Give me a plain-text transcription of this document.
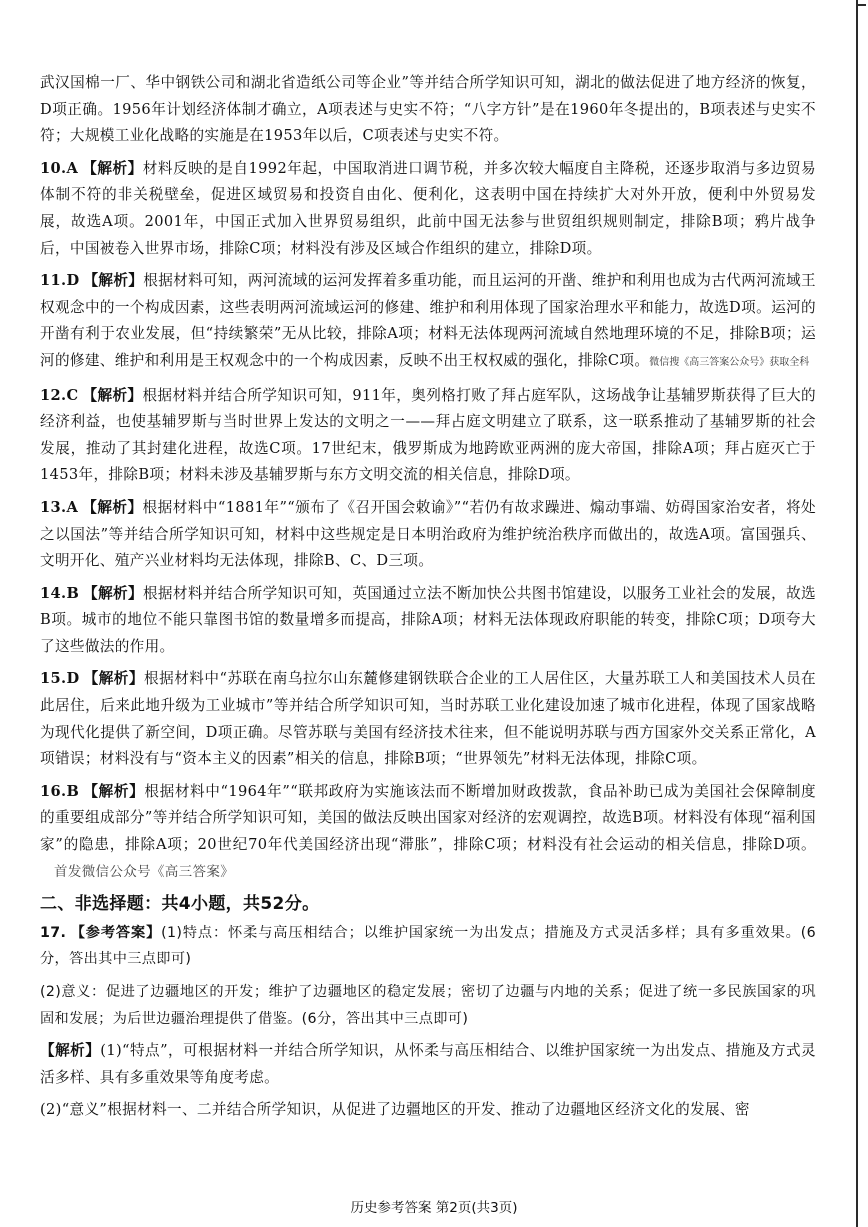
武汉国棉一厂、华中钢铁公司和湖北省造纸公司等企业”等并结合所学知识可知，湖北的做法促进了地方经济的恢复，D项正确。1956年计划经济体制才确立，A项表述与史实不符；“八字方针”是在1960年冬提出的，B项表述与史实不符；大规模工业化战略的实施是在1953年以后，C项表述与史实不符。

10.A 【解析】材料反映的是自1992年起，中国取消进口调节税，并多次较大幅度自主降税，还逐步取消与多边贸易体制不符的非关税壁垒，促进区域贸易和投资自由化、便利化，这表明中国在持续扩大对外开放，便利中外贸易发展，故选A项。2001年，中国正式加入世界贸易组织，此前中国无法参与世贸组织规则制定，排除B项；鸦片战争后，中国被卷入世界市场，排除C项；材料没有涉及区域合作组织的建立，排除D项。

11.D 【解析】根据材料可知，两河流域的运河发挥着多重功能，而且运河的开凿、维护和利用也成为古代两河流域王权观念中的一个构成因素，这些表明两河流域运河的修建、维护和利用体现了国家治理水平和能力，故选D项。运河的开凿有利于农业发展，但“持续繁荣”无从比较，排除A项；材料无法体现两河流域自然地理环境的不足，排除B项；运河的修建、维护和利用是王权观念中的一个构成因素，反映不出王权权威的强化，排除C项。微信搜《高三答案公众号》获取全科

12.C 【解析】根据材料并结合所学知识可知，911年，奥列格打败了拜占庭军队，这场战争让基辅罗斯获得了巨大的经济利益，也使基辅罗斯与当时世界上发达的文明之一——拜占庭文明建立了联系，这一联系推动了基辅罗斯的社会发展，推动了其封建化进程，故选C项。17世纪末，俄罗斯成为地跨欧亚两洲的庞大帝国，排除A项；拜占庭灭亡于1453年，排除B项；材料未涉及基辅罗斯与东方文明交流的相关信息，排除D项。

13.A 【解析】根据材料中“1881年”“颁布了《召开国会敕谕》”“若仍有故求躁进、煽动事端、妨碍国家治安者，将处之以国法”等并结合所学知识可知，材料中这些规定是日本明治政府为维护统治秩序而做出的，故选A项。富国强兵、文明开化、殖产兴业材料均无法体现，排除B、C、D三项。

14.B 【解析】根据材料并结合所学知识可知，英国通过立法不断加快公共图书馆建设，以服务工业社会的发展，故选B项。城市的地位不能只靠图书馆的数量增多而提高，排除A项；材料无法体现政府职能的转变，排除C项；D项夸大了这些做法的作用。

15.D 【解析】根据材料中“苏联在南乌拉尔山东麓修建钢铁联合企业的工人居住区，大量苏联工人和美国技术人员在此居住，后来此地升级为工业城市”等并结合所学知识可知，当时苏联工业化建设加速了城市化进程，体现了国家战略为现代化提供了新空间，D项正确。尽管苏联与美国有经济技术往来，但不能说明苏联与西方国家外交关系正常化，A项错误；材料没有与“资本主义的因素”相关的信息，排除B项；“世界领先”材料无法体现，排除C项。

16.B 【解析】根据材料中“1964年”“联邦政府为实施该法而不断增加财政拨款，食品补助已成为美国社会保障制度的重要组成部分”等并结合所学知识可知，美国的做法反映出国家对经济的宏观调控，故选B项。材料没有体现“福利国家”的隐患，排除A项；20世纪70年代美国经济出现“滞胀”，排除C项；材料没有社会运动的相关信息，排除D项。首发微信公众号《高三答案》

二、非选择题：共4小题，共52分。

17. 【参考答案】(1)特点：怀柔与高压相结合；以维护国家统一为出发点；措施及方式灵活多样；具有多重效果。(6分，答出其中三点即可)

(2)意义：促进了边疆地区的开发；维护了边疆地区的稳定发展；密切了边疆与内地的关系；促进了统一多民族国家的巩固和发展；为后世边疆治理提供了借鉴。(6分，答出其中三点即可)

【解析】(1)“特点”，可根据材料一并结合所学知识，从怀柔与高压相结合、以维护国家统一为出发点、措施及方式灵活多样、具有多重效果等角度考虑。

(2)“意义”根据材料一、二并结合所学知识，从促进了边疆地区的开发、推动了边疆地区经济文化的发展、密

历史参考答案 第2页(共3页)
